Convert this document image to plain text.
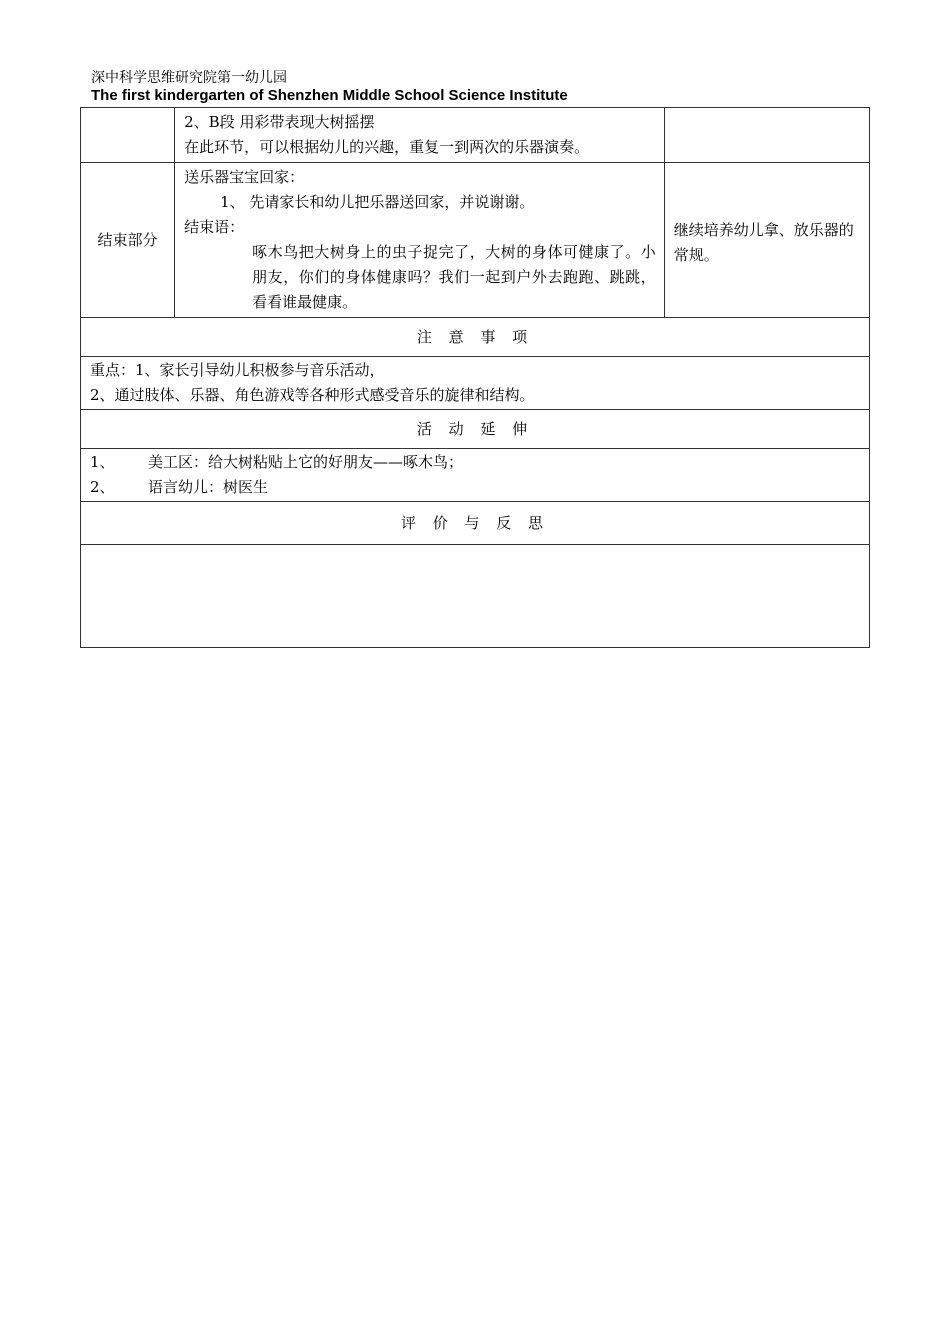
深中科学思维研究院第一幼儿园
The first kindergarten of Shenzhen Middle School Science Institute

	2、B段 用彩带表现大树摇摆
在此环节，可以根据幼儿的兴趣，重复一到两次的乐器演奏。	

结束部分	送乐器宝宝回家：
1、 先请家长和幼儿把乐器送回家，并说谢谢。
结束语：
啄木鸟把大树身上的虫子捉完了，大树的身体可健康了。小朋友，你们的身体健康吗？我们一起到户外去跑跑、跳跳，看看谁最健康。	继续培养幼儿拿、放乐器的常规。
注 意 事 项		

重点：1、家长引导幼儿积极参与音乐活动，
2、通过肢体、乐器、角色游戏等各种形式感受音乐的旋律和结构。		

活 动 延 伸		

1、 美工区：给大树粘贴上它的好朋友——啄木鸟；
2、 语言幼儿：树医生		

评 价 与 反 思		
